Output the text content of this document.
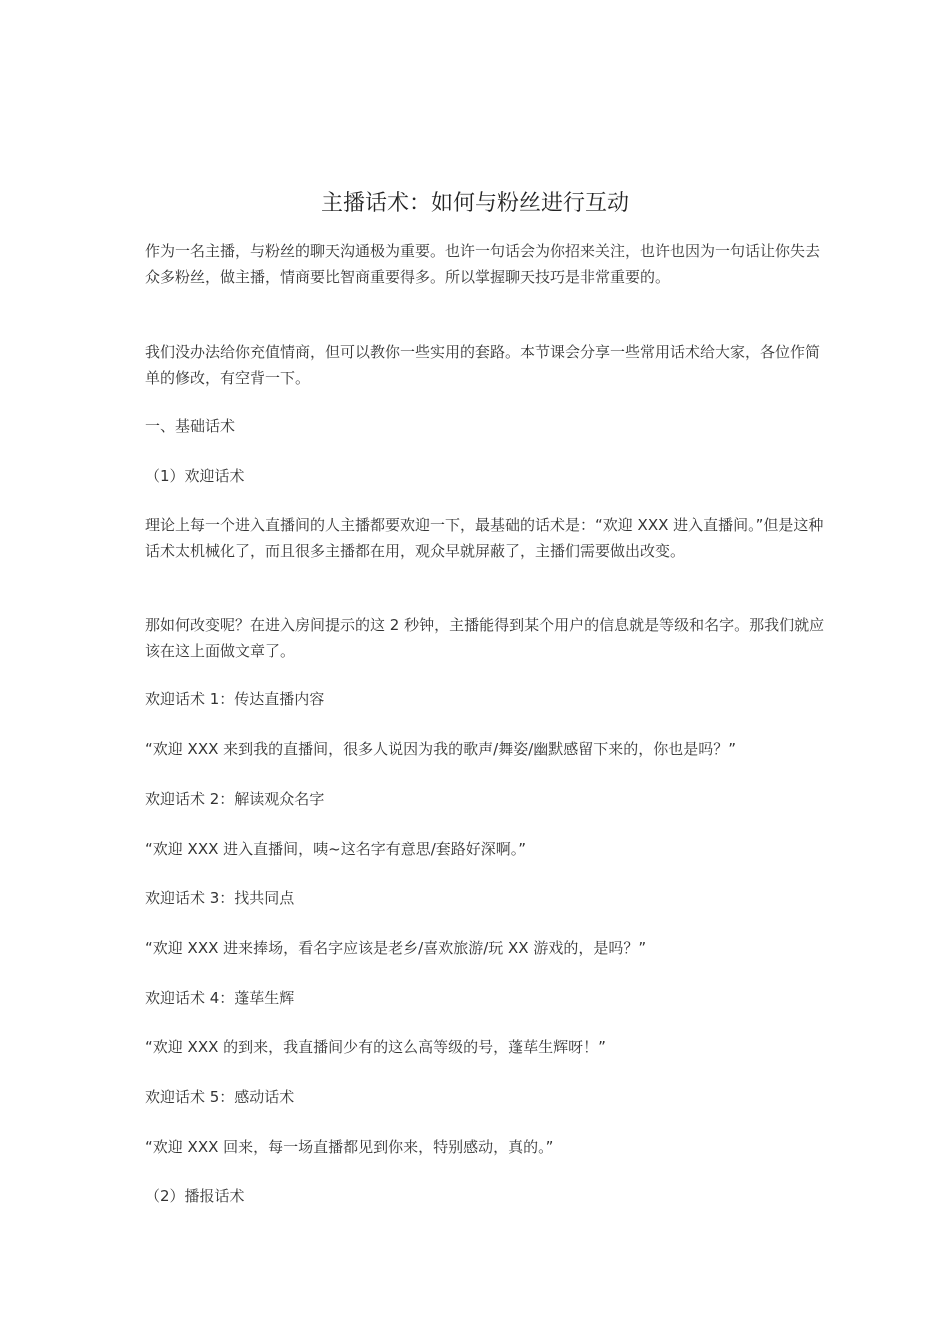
主播话术：如何与粉丝进行互动

作为一名主播，与粉丝的聊天沟通极为重要。也许一句话会为你招来关注，也许也因为一句话让你失去众多粉丝，做主播，情商要比智商重要得多。所以掌握聊天技巧是非常重要的。

我们没办法给你充值情商，但可以教你一些实用的套路。本节课会分享一些常用话术给大家，各位作简单的修改，有空背一下。

一、基础话术

（1）欢迎话术

理论上每一个进入直播间的人主播都要欢迎一下，最基础的话术是：“欢迎 XXX 进入直播间。”但是这种话术太机械化了，而且很多主播都在用，观众早就屏蔽了，主播们需要做出改变。

那如何改变呢？在进入房间提示的这 2 秒钟，主播能得到某个用户的信息就是等级和名字。那我们就应该在这上面做文章了。

欢迎话术 1：传达直播内容

“欢迎 XXX 来到我的直播间，很多人说因为我的歌声/舞姿/幽默感留下来的，你也是吗？”

欢迎话术 2：解读观众名字

“欢迎 XXX 进入直播间，咦~这名字有意思/套路好深啊。”

欢迎话术 3：找共同点

“欢迎 XXX 进来捧场，看名字应该是老乡/喜欢旅游/玩 XX 游戏的，是吗？”

欢迎话术 4：蓬荜生辉

“欢迎 XXX 的到来，我直播间少有的这么高等级的号，蓬荜生辉呀！”

欢迎话术 5：感动话术

“欢迎 XXX 回来，每一场直播都见到你来，特别感动，真的。”

（2）播报话术
